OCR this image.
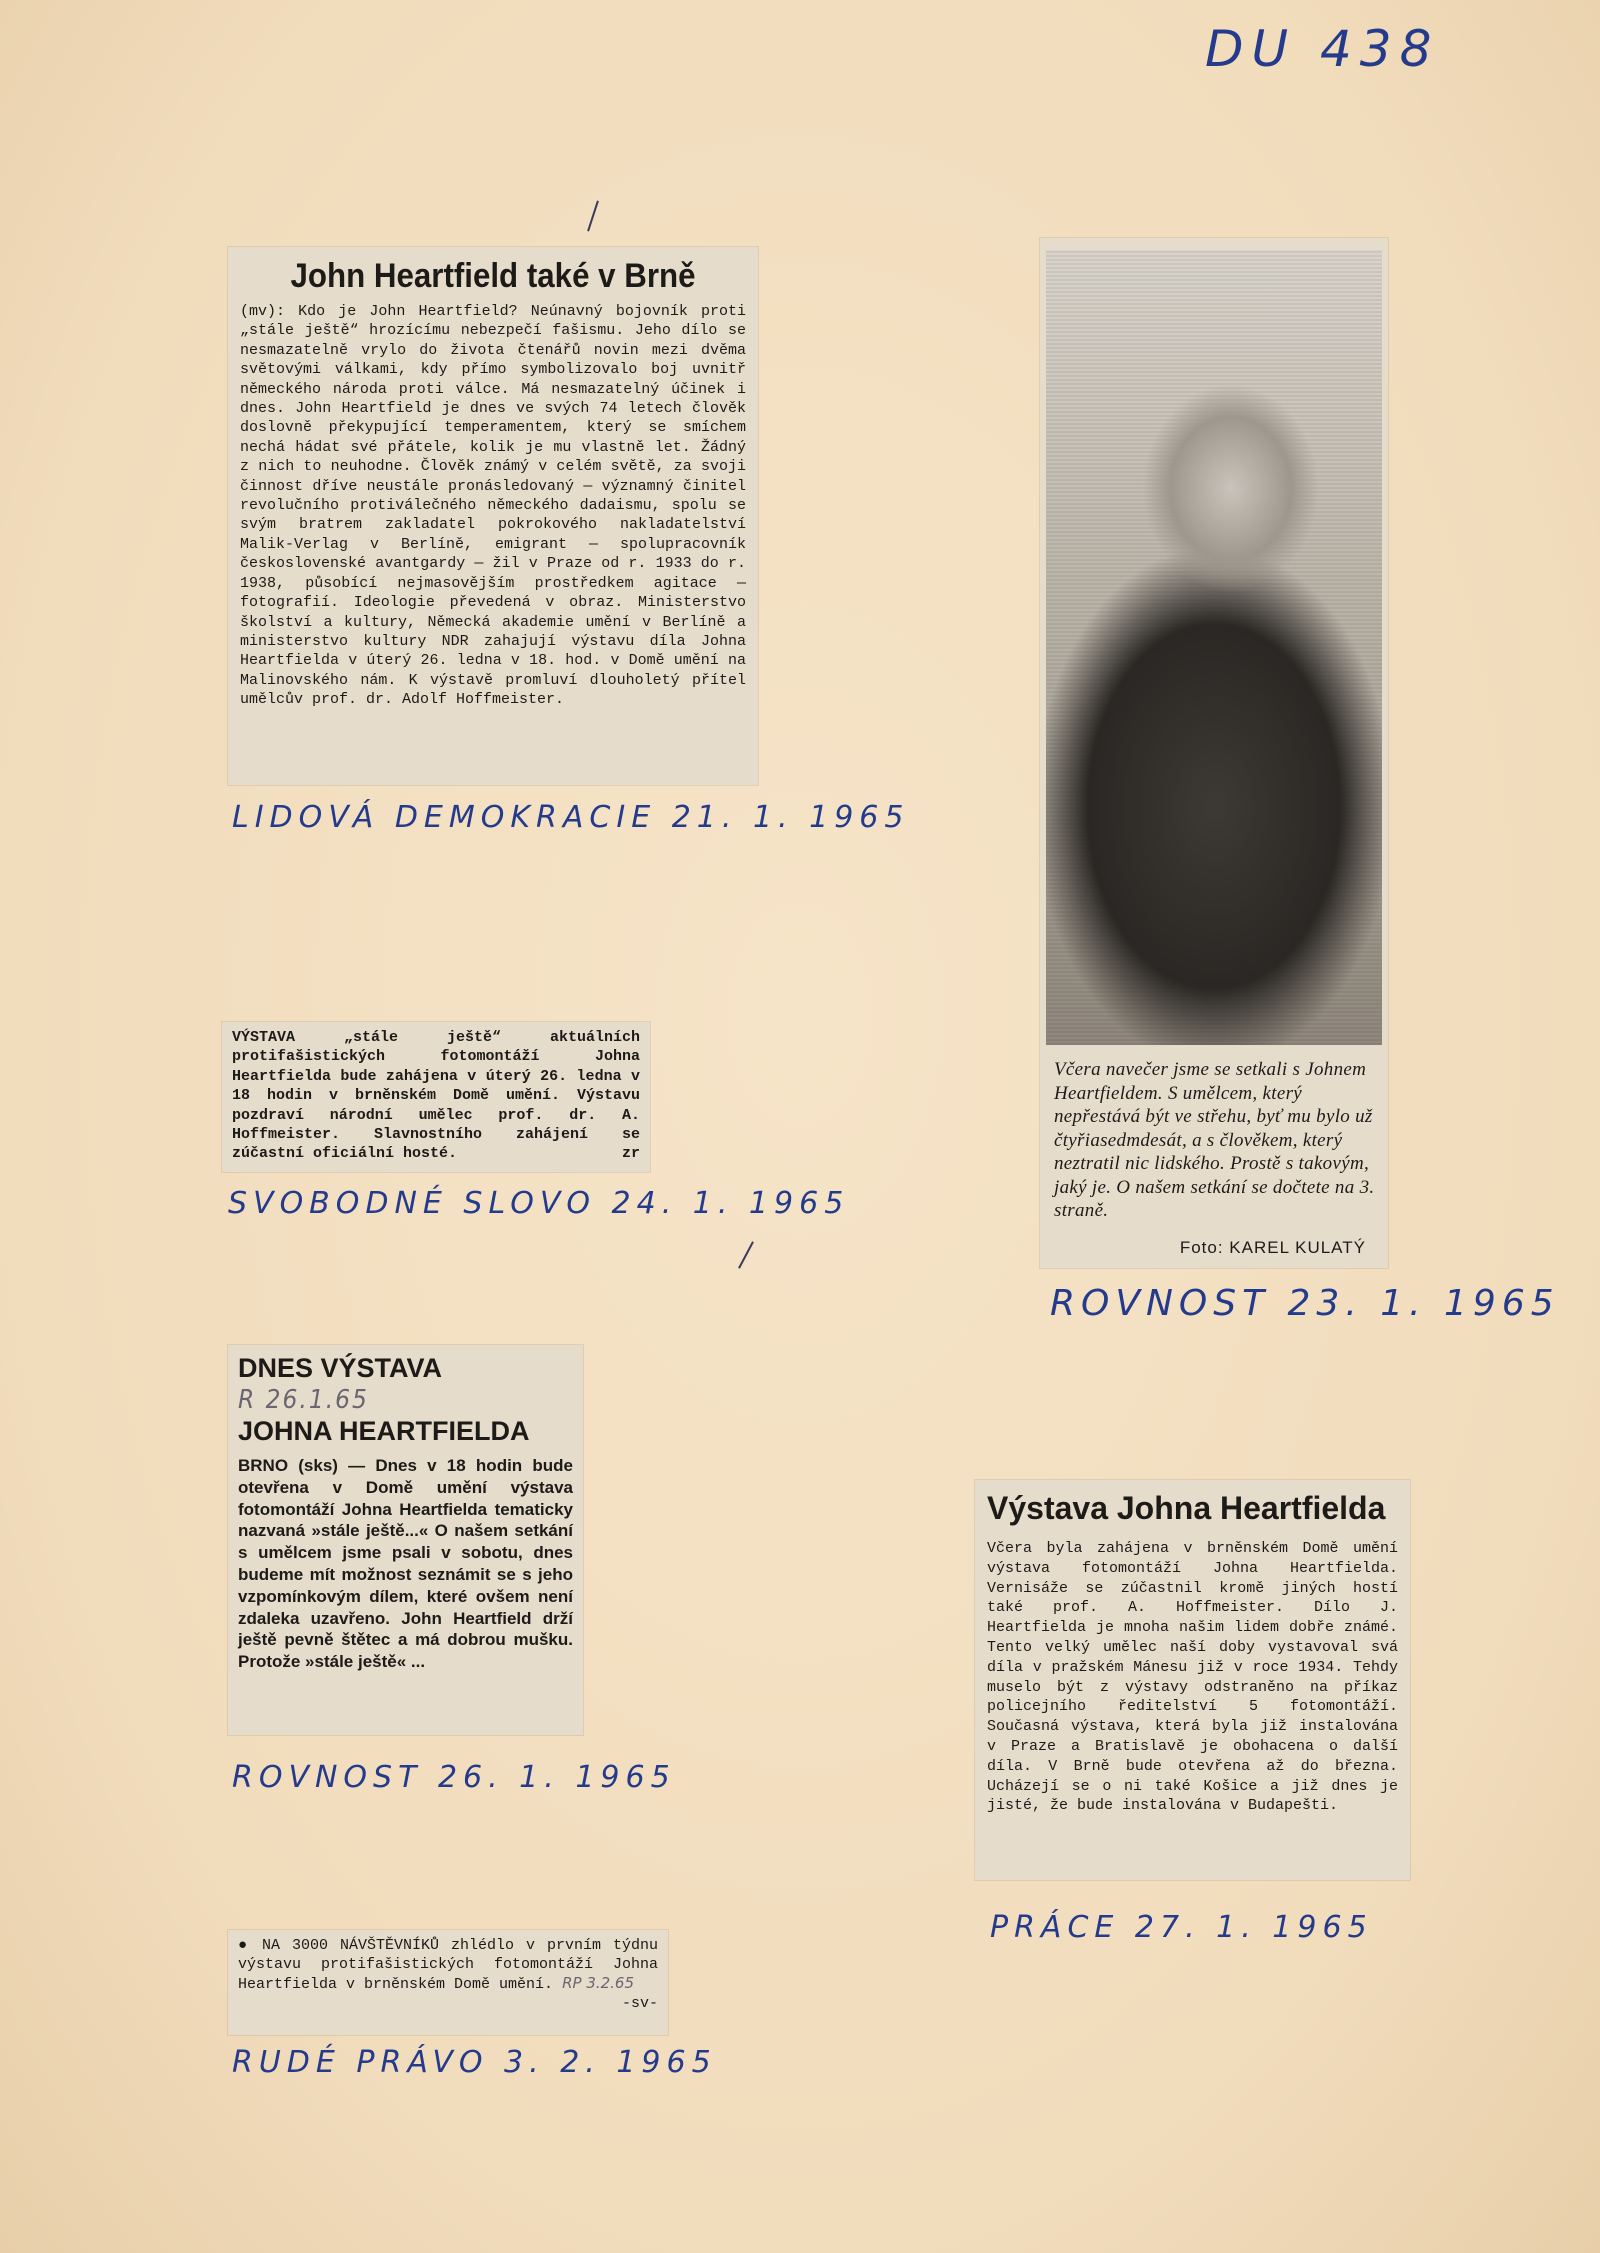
DU 438
John Heartfield také v Brně

(mv): Kdo je John Heartfield? Neúnavný bojovník proti „stále ještě“ hrozícímu nebezpečí fašismu. Jeho dílo se nesmazatelně vrylo do života čtenářů novin mezi dvěma světovými válkami, kdy přímo symbolizovalo boj uvnitř německého národa proti válce. Má nesmazatelný účinek i dnes. John Heartfield je dnes ve svých 74 letech člověk doslovně překypující temperamentem, který se smíchem nechá hádat své přátele, kolik je mu vlastně let. Žádný z nich to neuhodne. Člověk známý v celém světě, za svoji činnost dříve neustále pronásledovaný — významný činitel revolučního protiválečného německého dadaismu, spolu se svým bratrem zakladatel pokrokového nakladatelství Malik-Verlag v Berlíně, emigrant — spolupracovník československé avantgardy — žil v Praze od r. 1933 do r. 1938, působící nejmasovějším prostředkem agitace — fotografií. Ideologie převedená v obraz. Ministerstvo školství a kultury, Německá akademie umění v Berlíně a ministerstvo kultury NDR zahajují výstavu díla Johna Heartfielda v úterý 26. ledna v 18. hod. v Domě umění na Malinovského nám. K výstavě promluví dlouholetý přítel umělcův prof. dr. Adolf Hoffmeister.

LIDOVÁ DEMOKRACIE 21. 1. 1965

VÝSTAVA „stále ještě“ aktuálních protifašistických fotomontáží Johna Heartfielda bude zahájena v úterý 26. ledna v 18 hodin v brněnském Domě umění. Výstavu pozdraví národní umělec prof. dr. A. Hoffmeister. Slavnostního zahájení se zúčastní oficiální hosté.	zr

SVOBODNÉ SLOVO 24. 1. 1965

Včera navečer jsme se setkali s Johnem Heartfieldem. S umělcem, který nepřestává být ve střehu, byť mu bylo už čtyřiasedmdesát, a s člověkem, který neztratil nic lidského. Prostě s takovým, jaký je. O našem setkání se dočtete na 3. straně.

Foto: KAREL KULATÝ
ROVNOST 23. 1. 1965
DNES VÝSTAVA R 26.1.65
JOHNA HEARTFIELDA

BRNO (sks) — Dnes v 18 hodin bude otevřena v Domě umění výstava fotomontáží Johna Heartfielda tematicky nazvaná »stále ještě...« O našem setkání s umělcem jsme psali v sobotu, dnes budeme mít možnost seznámit se s jeho vzpomínkovým dílem, které ovšem není zdaleka uzavřeno. John Heartfield drží ještě pevně štětec a má dobrou mušku. Protože »stále ještě« ...

ROVNOST 26. 1. 1965
Výstava Johna Heartfielda

Včera byla zahájena v brněnském Domě umění výstava fotomontáží Johna Heartfielda. Vernisáže se zúčastnil kromě jiných hostí také prof. A. Hoffmeister. Dílo J. Heartfielda je mnoha našim lidem dobře známé. Tento velký umělec naší doby vystavoval svá díla v pražském Mánesu již v roce 1934. Tehdy muselo být z výstavy odstraněno na příkaz policejního ředitelství 5 fotomontáží. Současná výstava, která byla již instalována v Praze a Bratislavě je obohacena o další díla. V Brně bude otevřena až do března. Ucházejí se o ni také Košice a již dnes je jisté, že bude instalována v Budapešti.

PRÁCE 27. 1. 1965

● NA 3000 NÁVŠTĚVNÍKŮ zhlédlo v prvním týdnu výstavu protifašistických fotomontáží Johna Heartfielda v brněnském Domě umění. RP 3.2.65
-sv-

RUDÉ PRÁVO 3. 2. 1965
